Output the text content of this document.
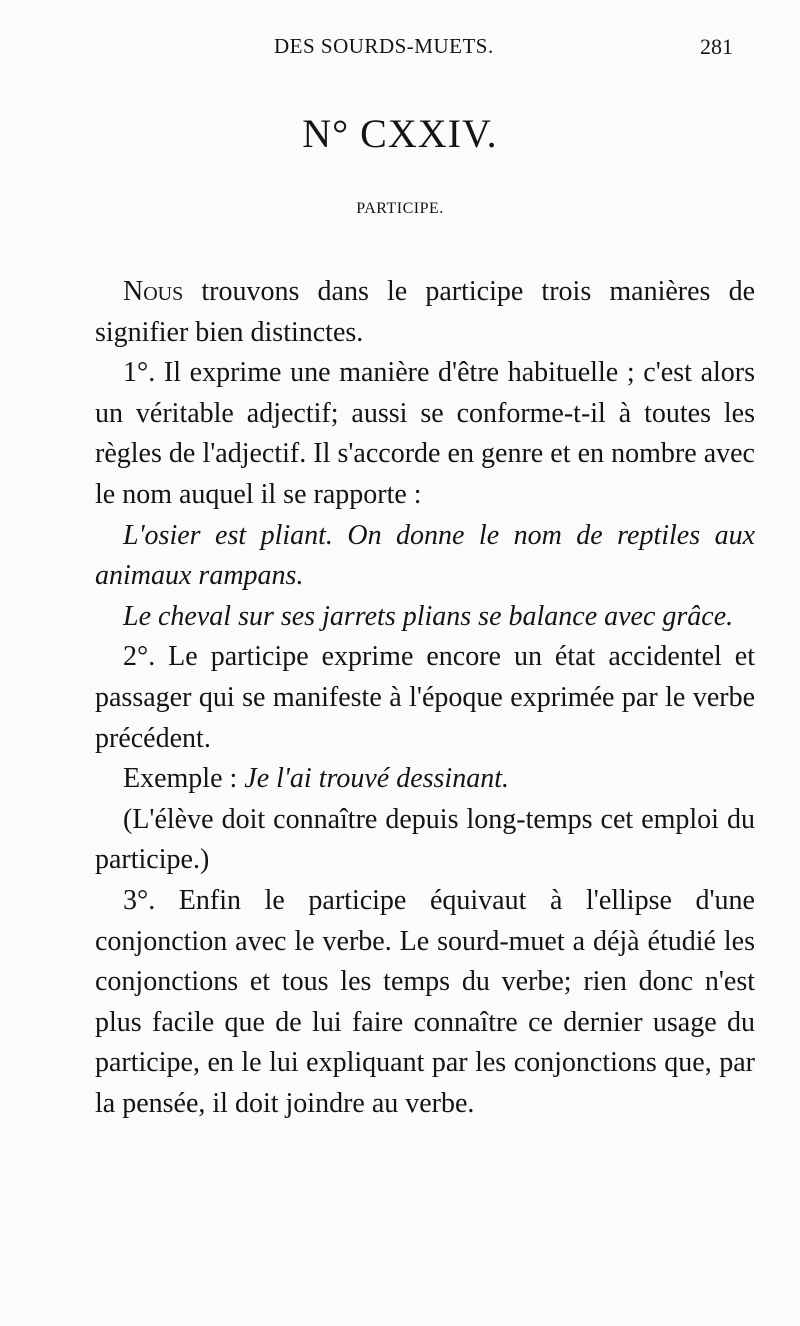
DES SOURDS-MUETS.	281
N° CXXIV.
PARTICIPE.

Nous trouvons dans le participe trois manières de signifier bien distinctes.

1°. Il exprime une manière d'être habituelle ; c'est alors un véritable adjectif; aussi se conforme-t-il à toutes les règles de l'adjectif. Il s'accorde en genre et en nombre avec le nom auquel il se rapporte :

L'osier est pliant. On donne le nom de reptiles aux animaux rampans.

Le cheval sur ses jarrets plians se balance avec grâce.

2°. Le participe exprime encore un état accidentel et passager qui se manifeste à l'époque exprimée par le verbe précédent.

Exemple : Je l'ai trouvé dessinant.

(L'élève doit connaître depuis long-temps cet emploi du participe.)

3°. Enfin le participe équivaut à l'ellipse d'une conjonction avec le verbe. Le sourd-muet a déjà étudié les conjonctions et tous les temps du verbe; rien donc n'est plus facile que de lui faire connaître ce dernier usage du participe, en le lui expliquant par les conjonctions que, par la pensée, il doit joindre au verbe.
